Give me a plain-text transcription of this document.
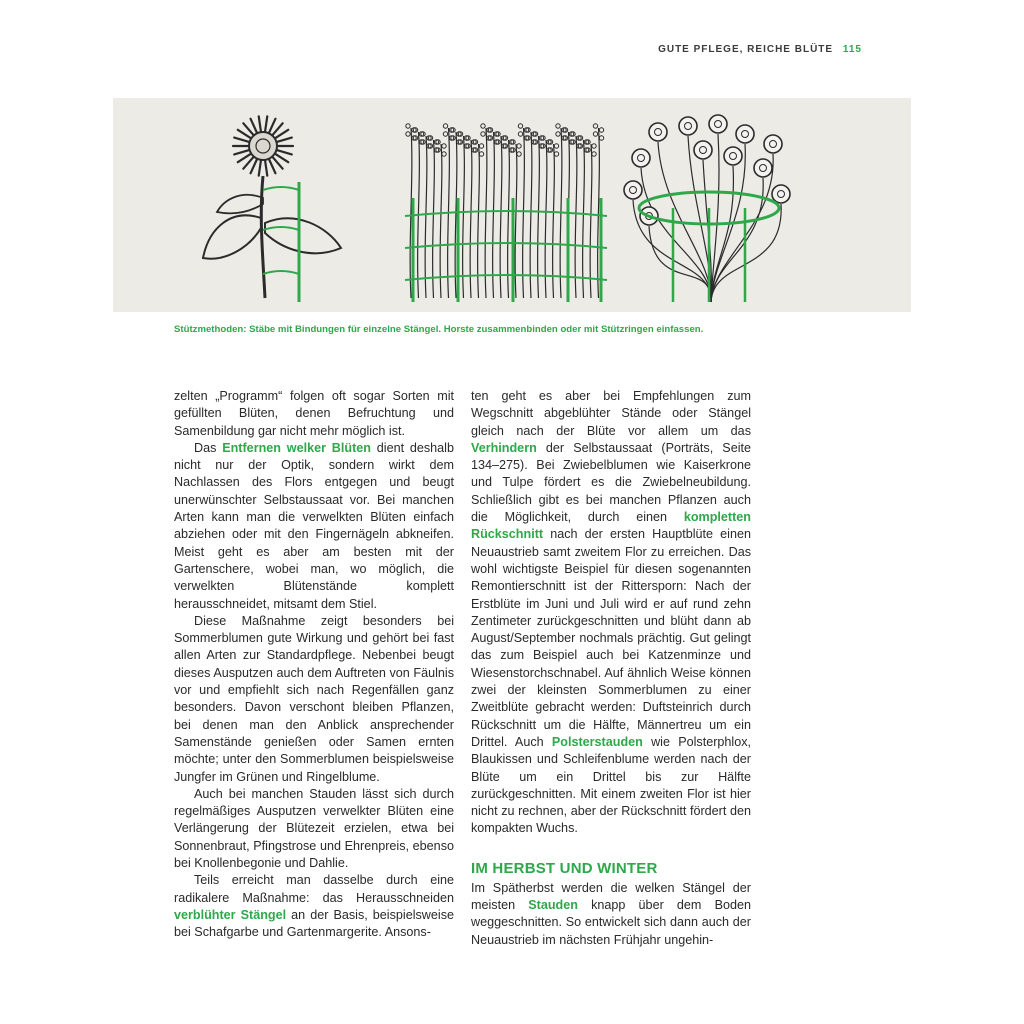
GUTE PFLEGE, REICHE BLÜTE 115
Stützmethoden: Stäbe mit Bindungen für einzelne Stängel. Horste zusammenbinden oder mit Stützringen einfassen.

zelten „Programm“ folgen oft sogar Sorten mit gefüllten Blüten, denen Befruchtung und Samenbildung gar nicht mehr möglich ist.

Das Entfernen welker Blüten dient deshalb nicht nur der Optik, sondern wirkt dem Nachlassen des Flors entgegen und beugt unerwünschter Selbstaussaat vor. Bei manchen Arten kann man die verwelkten Blüten einfach abziehen oder mit den Fingernägeln abkneifen. Meist geht es aber am besten mit der Gartenschere, wobei man, wo möglich, die verwelkten Blütenstände komplett herausschneidet, mitsamt dem Stiel.

Diese Maßnahme zeigt besonders bei Sommerblumen gute Wirkung und gehört bei fast allen Arten zur Standardpflege. Nebenbei beugt dieses Ausputzen auch dem Auftreten von Fäulnis vor und empfiehlt sich nach Regenfällen ganz besonders. Davon verschont bleiben Pflanzen, bei denen man den Anblick ansprechender Samenstände genießen oder Samen ernten möchte; unter den Sommerblumen beispielsweise Jungfer im Grünen und Ringelblume.

Auch bei manchen Stauden lässt sich durch regelmäßiges Ausputzen verwelkter Blüten eine Verlängerung der Blütezeit erzielen, etwa bei Sonnenbraut, Pfingstrose und Ehrenpreis, ebenso bei Knollenbegonie und Dahlie.

Teils erreicht man dasselbe durch eine radikalere Maßnahme: das Herausschneiden verblühter Stängel an der Basis, beispielsweise bei Schafgarbe und Gartenmargerite. Ansons-

ten geht es aber bei Empfehlungen zum Wegschnitt abgeblühter Stände oder Stängel gleich nach der Blüte vor allem um das Verhindern der Selbstaussaat (Porträts, Seite 134–275). Bei Zwiebelblumen wie Kaiserkrone und Tulpe fördert es die Zwiebelneubildung. Schließlich gibt es bei manchen Pflanzen auch die Möglichkeit, durch einen kompletten Rückschnitt nach der ersten Hauptblüte einen Neuaustrieb samt zweitem Flor zu erreichen. Das wohl wichtigste Beispiel für diesen sogenannten Remontierschnitt ist der Rittersporn: Nach der Erstblüte im Juni und Juli wird er auf rund zehn Zentimeter zurückgeschnitten und blüht dann ab August/September nochmals prächtig. Gut gelingt das zum Beispiel auch bei Katzenminze und Wiesenstorchschnabel. Auf ähnlich Weise können zwei der kleinsten Sommerblumen zu einer Zweitblüte gebracht werden: Duftsteinrich durch Rückschnitt um die Hälfte, Männertreu um ein Drittel. Auch Polsterstauden wie Polsterphlox, Blaukissen und Schleifenblume werden nach der Blüte um ein Drittel bis zur Hälfte zurückgeschnitten. Mit einem zweiten Flor ist hier nicht zu rechnen, aber der Rückschnitt fördert den kompakten Wuchs.

IM HERBST UND WINTER

Im Spätherbst werden die welken Stängel der meisten Stauden knapp über dem Boden weggeschnitten. So entwickelt sich dann auch der Neuaustrieb im nächsten Frühjahr ungehin-
